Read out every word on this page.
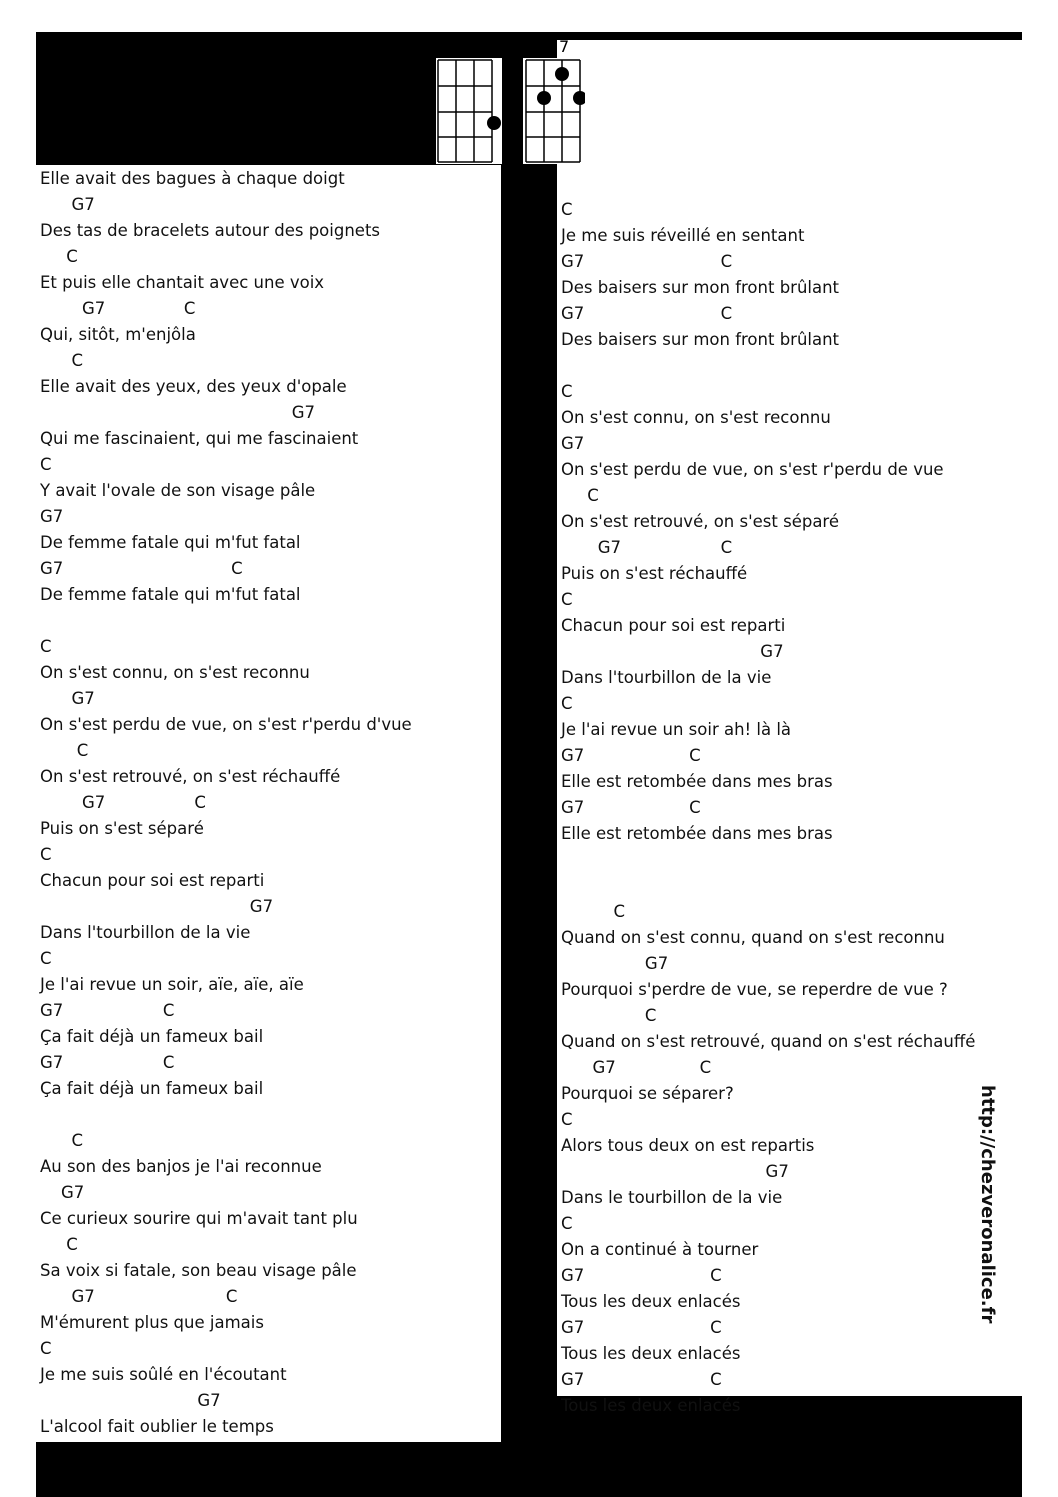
7
Elle avait des bagues à chaque doigt
G7
Des tas de bracelets autour des poignets
C
Et puis elle chantait avec une voix
G7               C
Qui, sitôt, m'enjôla
C
Elle avait des yeux, des yeux d'opale
G7
Qui me fascinaient, qui me fascinaient
C
Y avait l'ovale de son visage pâle
G7
De femme fatale qui m'fut fatal
G7                                C
De femme fatale qui m'fut fatal
C
On s'est connu, on s'est reconnu
G7
On s'est perdu de vue, on s'est r'perdu d'vue
C
On s'est retrouvé, on s'est réchauffé
G7                 C
Puis on s'est séparé
C
Chacun pour soi est reparti
G7
Dans l'tourbillon de la vie
C
Je l'ai revue un soir, aïe, aïe, aïe
G7                   C
Ça fait déjà un fameux bail
G7                   C
Ça fait déjà un fameux bail
C
Au son des banjos je l'ai reconnue
G7
Ce curieux sourire qui m'avait tant plu
C
Sa voix si fatale, son beau visage pâle
G7                         C
M'émurent plus que jamais
C
Je me suis soûlé en l'écoutant
G7
L'alcool fait oublier le temps
C
Je me suis réveillé en sentant
G7                          C
Des baisers sur mon front brûlant
G7                          C
Des baisers sur mon front brûlant
C
On s'est connu, on s'est reconnu
G7
On s'est perdu de vue, on s'est r'perdu de vue
C
On s'est retrouvé, on s'est séparé
G7                   C
Puis on s'est réchauffé
C
Chacun pour soi est reparti
G7
Dans l'tourbillon de la vie
C
Je l'ai revue un soir ah! là là
G7                    C
Elle est retombée dans mes bras
G7                    C
Elle est retombée dans mes bras
C
Quand on s'est connu, quand on s'est reconnu
G7
Pourquoi s'perdre de vue, se reperdre de vue ?
C
Quand on s'est retrouvé, quand on s'est réchauffé
G7                C
Pourquoi se séparer?
C
Alors tous deux on est repartis
G7
Dans le tourbillon de la vie
C
On a continué à tourner
G7                        C
Tous les deux enlacés
G7                        C
Tous les deux enlacés
G7                        C
Tous les deux enlacés
http://chezveronalice.fr
